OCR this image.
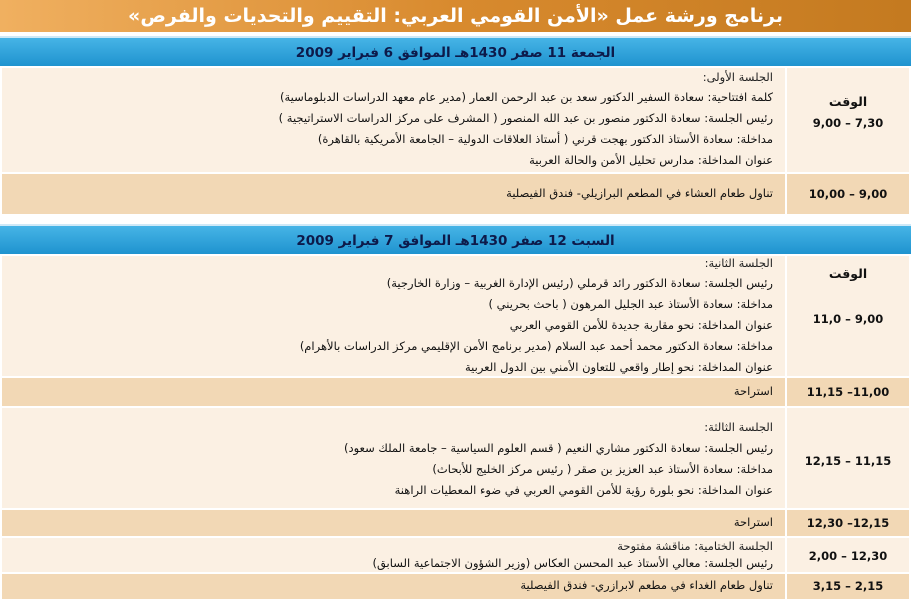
برنامج ورشة عمل «الأمن القومي العربي: التقييم والتحديات والفرص»
الجمعة 11 صفر 1430هـ الموافق 6 فبراير 2009
الوقت
7,30 – 9,00
الجلسة الأولى:
كلمة افتتاحية: سعادة السفير الدكتور سعد بن عبد الرحمن العمار (مدير عام معهد الدراسات الدبلوماسية)
رئيس الجلسة: سعادة الدكتور منصور بن عبد الله المنصور ( المشرف على مركز الدراسات الاستراتيجية )
مداخلة: سعادة الأستاذ الدكتور بهجت قرني ( أستاذ العلاقات الدولية – الجامعة الأمريكية بالقاهرة)
عنوان المداخلة: مدارس تحليل الأمن والحالة العربية
9,00 – 10,00
تناول طعام العشاء في المطعم البرازيلي- فندق الفيصلية
السبت 12 صفر 1430هـ الموافق 7 فبراير 2009
الوقت
9,00 – 11,0
الجلسة الثانية:
رئيس الجلسة: سعادة الدكتور رائد قرملي (رئيس الإدارة الغربية – وزارة الخارجية)
مداخلة: سعادة الأستاذ عبد الجليل المرهون ( باحث بحريني )
عنوان المداخلة: نحو مقاربة جديدة للأمن القومي العربي
مداخلة: سعادة الدكتور محمد أحمد عبد السلام (مدير برنامج الأمن الإقليمي مركز الدراسات بالأهرام)
عنوان المداخلة: نحو إطار واقعي للتعاون الأمني بين الدول العربية
11,00– 11,15
استراحة
11,15 – 12,15
الجلسة الثالثة:
رئيس الجلسة: سعادة الدكتور مشاري النعيم ( قسم العلوم السياسية – جامعة الملك سعود)
مداخلة: سعادة الأستاذ عبد العزيز بن صقر ( رئيس مركز الخليج للأبحاث)
عنوان المداخلة: نحو بلورة رؤية للأمن القومي العربي في ضوء المعطيات الراهنة
12,15– 12,30
استراحة
12,30 – 2,00
الجلسة الختامية: مناقشة مفتوحة
رئيس الجلسة: معالي الأستاذ عبد المحسن العكاس (وزير الشؤون الاجتماعية السابق)
2,15 – 3,15
تناول طعام الغداء في مطعم لابرازري- فندق الفيصلية
